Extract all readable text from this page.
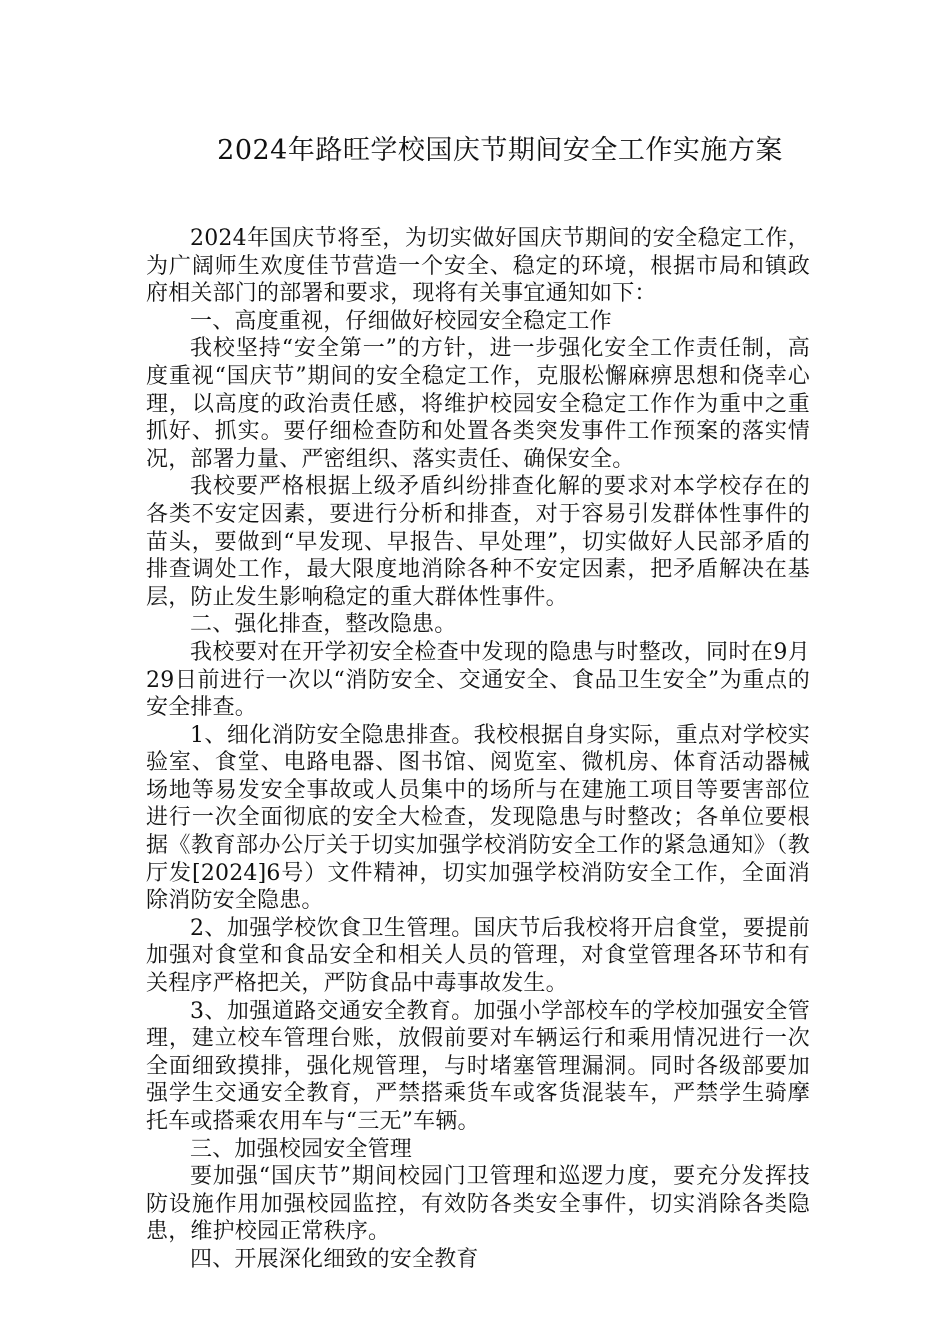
2024年路旺学校国庆节期间安全工作实施方案

2024年国庆节将至，为切实做好国庆节期间的安全稳定工作，为广阔师生欢度佳节营造一个安全、稳定的环境，根据市局和镇政府相关部门的部署和要求，现将有关事宜通知如下：

一、高度重视，仔细做好校园安全稳定工作

我校坚持“安全第一”的方针，进一步强化安全工作责任制，高度重视“国庆节”期间的安全稳定工作，克服松懈麻痹思想和侥幸心理，以高度的政治责任感，将维护校园安全稳定工作作为重中之重抓好、抓实。要仔细检查防和处置各类突发事件工作预案的落实情况，部署力量、严密组织、落实责任、确保安全。

我校要严格根据上级矛盾纠纷排查化解的要求对本学校存在的各类不安定因素，要进行分析和排查，对于容易引发群体性事件的苗头，要做到“早发现、早报告、早处理”，切实做好人民部矛盾的排查调处工作，最大限度地消除各种不安定因素，把矛盾解决在基层，防止发生影响稳定的重大群体性事件。

二、强化排查，整改隐患。

我校要对在开学初安全检查中发现的隐患与时整改，同时在9月29日前进行一次以“消防安全、交通安全、食品卫生安全”为重点的安全排查。

1、细化消防安全隐患排查。我校根据自身实际，重点对学校实验室、食堂、电路电器、图书馆、阅览室、微机房、体育活动器械场地等易发安全事故或人员集中的场所与在建施工项目等要害部位进行一次全面彻底的安全大检查，发现隐患与时整改；各单位要根据《教育部办公厅关于切实加强学校消防安全工作的紧急通知》（教厅发[2024]6号）文件精神，切实加强学校消防安全工作，全面消除消防安全隐患。

2、加强学校饮食卫生管理。国庆节后我校将开启食堂，要提前加强对食堂和食品安全和相关人员的管理，对食堂管理各环节和有关程序严格把关，严防食品中毒事故发生。

3、加强道路交通安全教育。加强小学部校车的学校加强安全管理，建立校车管理台账，放假前要对车辆运行和乘用情况进行一次全面细致摸排，强化规管理，与时堵塞管理漏洞。同时各级部要加强学生交通安全教育，严禁搭乘货车或客货混装车，严禁学生骑摩托车或搭乘农用车与“三无”车辆。

三、加强校园安全管理

要加强“国庆节”期间校园门卫管理和巡逻力度，要充分发挥技防设施作用加强校园监控，有效防各类安全事件，切实消除各类隐患，维护校园正常秩序。

四、开展深化细致的安全教育
